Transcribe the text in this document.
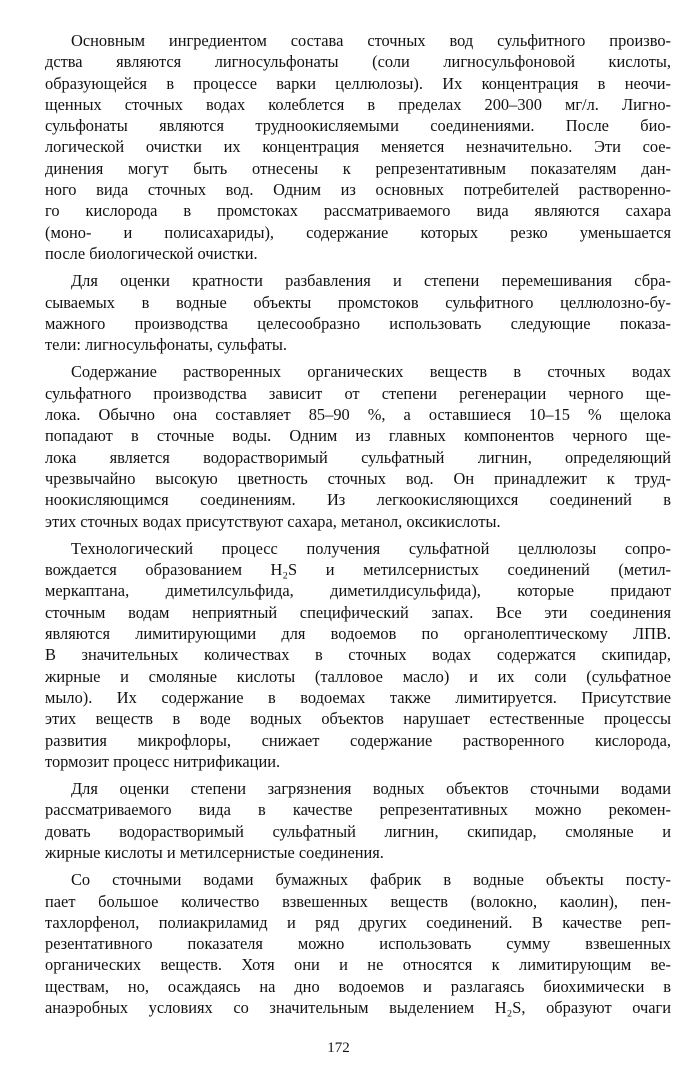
Основным ингредиентом состава сточных вод сульфитного произво-
дства являются лигносульфонаты (соли лигносульфоновой кислоты,
образующейся в процессе варки целлюлозы). Их концентрация в неочи-
щенных сточных водах колеблется в пределах 200–300 мг/л. Лигно-
сульфонаты являются трудноокисляемыми соединениями. После био-
логической очистки их концентрация меняется незначительно. Эти сое-
динения могут быть отнесены к репрезентативным показателям дан-
ного вида сточных вод. Одним из основных потребителей растворенно-
го кислорода в промстоках рассматриваемого вида являются сахара
(моно- и полисахариды), содержание которых резко уменьшается
после биологической очистки.
Для оценки кратности разбавления и степени перемешивания сбра-
сываемых в водные объекты промстоков сульфитного целлюлозно-бу-
мажного производства целесообразно использовать следующие показа-
тели: лигносульфонаты, сульфаты.
Содержание растворенных органических веществ в сточных водах
сульфатного производства зависит от степени регенерации черного ще-
лока. Обычно она составляет 85–90 %, а оставшиеся 10–15 % щелока
попадают в сточные воды. Одним из главных компонентов черного ще-
лока является водорастворимый сульфатный лигнин, определяющий
чрезвычайно высокую цветность сточных вод. Он принадлежит к труд-
ноокисляющимся соединениям. Из легкоокисляющихся соединений в
этих сточных водах присутствуют сахара, метанол, оксикислоты.
Технологический процесс получения сульфатной целлюлозы сопро-
вождается образованием H₂S и метилсернистых соединений (метил-
меркаптана, диметилсульфида, диметилдисульфида), которые придают
сточным водам неприятный специфический запах. Все эти соединения
являются лимитирующими для водоемов по органолептическому ЛПВ.
В значительных количествах в сточных водах содержатся скипидар,
жирные и смоляные кислоты (талловое масло) и их соли (сульфатное
мыло). Их содержание в водоемах также лимитируется. Присутствие
этих веществ в воде водных объектов нарушает естественные процессы
развития микрофлоры, снижает содержание растворенного кислорода,
тормозит процесс нитрификации.
Для оценки степени загрязнения водных объектов сточными водами
рассматриваемого вида в качестве репрезентативных можно рекомен-
довать водорастворимый сульфатный лигнин, скипидар, смоляные и
жирные кислоты и метилсернистые соединения.
Со сточными водами бумажных фабрик в водные объекты посту-
пает большое количество взвешенных веществ (волокно, каолин), пен-
тахлорфенол, полиакриламид и ряд других соединений. В качестве реп-
резентативного показателя можно использовать сумму взвешенных
органических веществ. Хотя они и не относятся к лимитирующим ве-
ществам, но, осаждаясь на дно водоемов и разлагаясь биохимически в
анаэробных условиях со значительным выделением H₂S, образуют очаги
172
